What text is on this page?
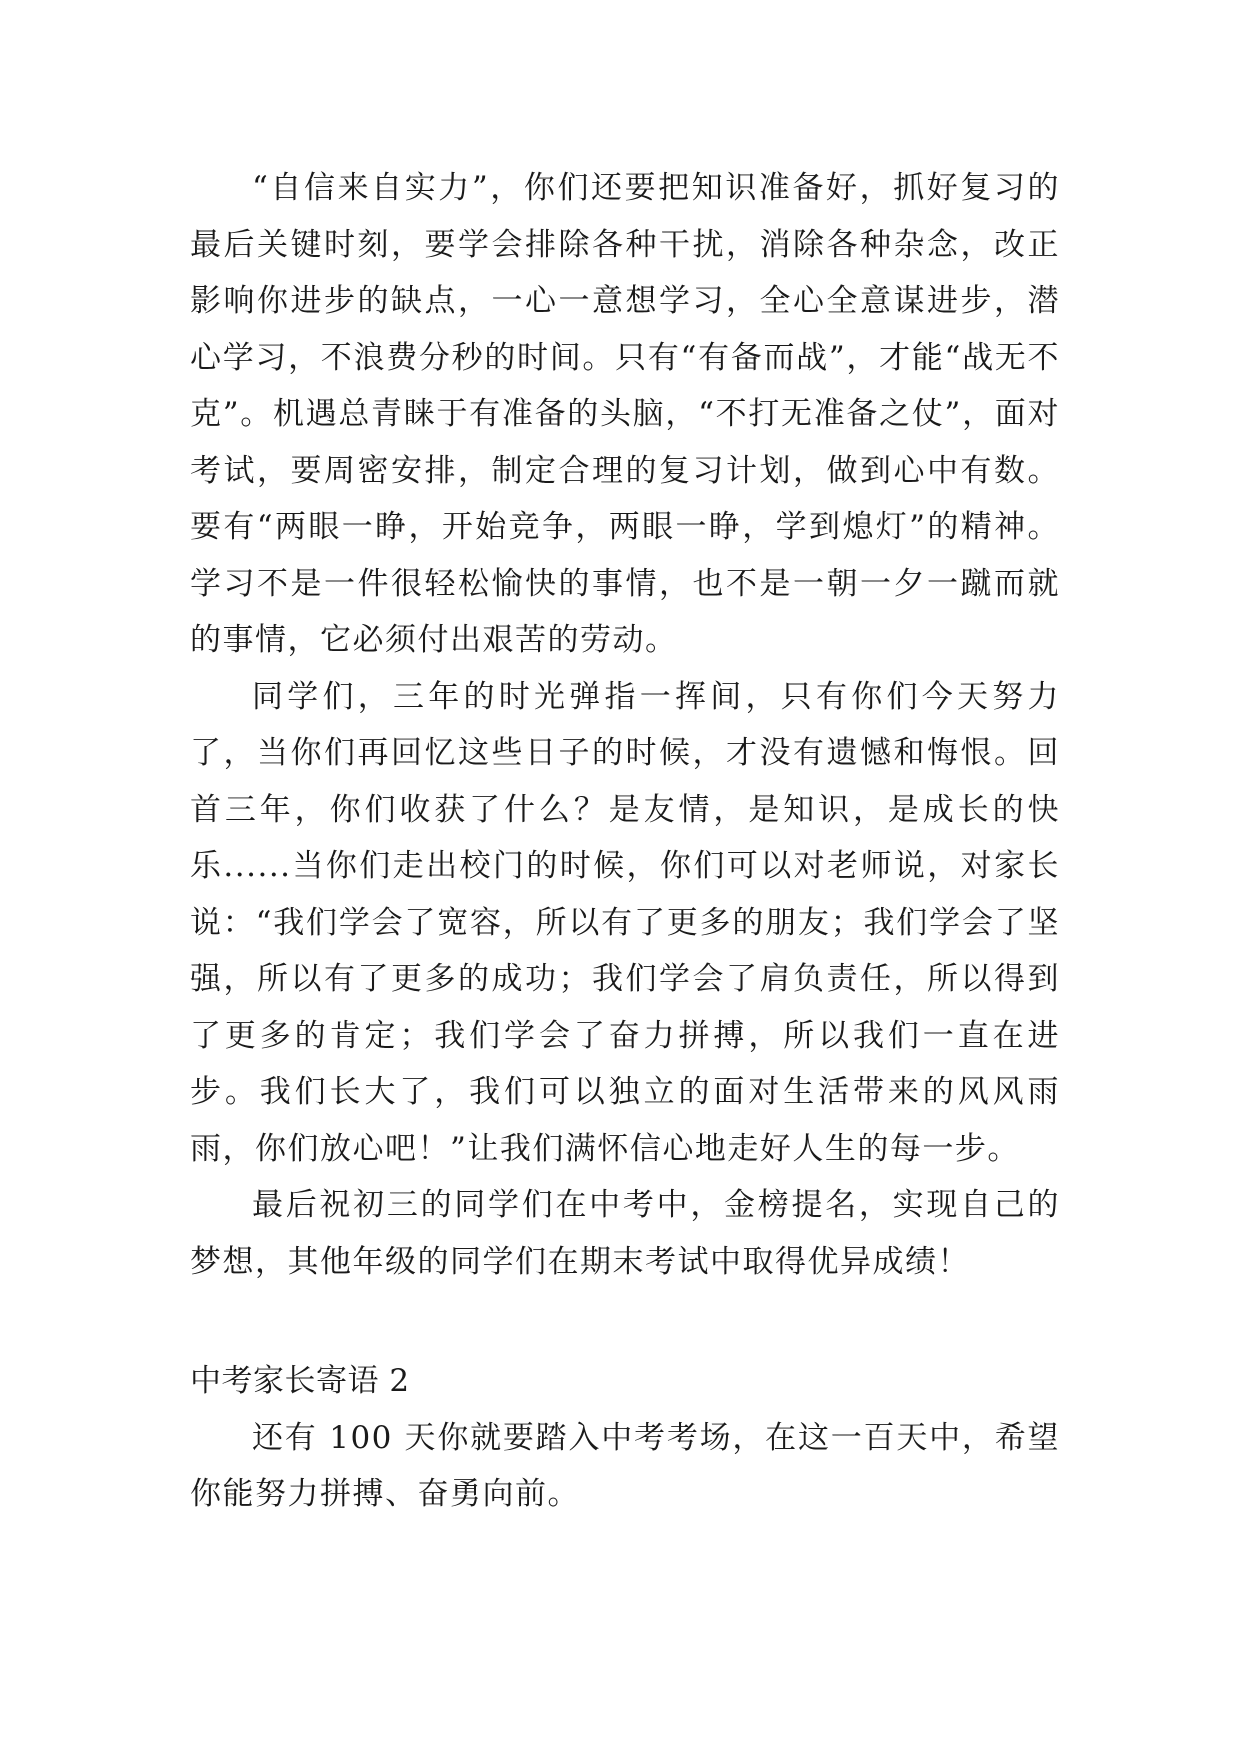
“自信来自实力”，你们还要把知识准备好，抓好复习的最后关键时刻，要学会排除各种干扰，消除各种杂念，改正影响你进步的缺点，一心一意想学习，全心全意谋进步，潜心学习，不浪费分秒的时间。只有“有备而战”，才能“战无不克”。机遇总青睐于有准备的头脑，“不打无准备之仗”，面对考试，要周密安排，制定合理的复习计划，做到心中有数。要有“两眼一睁，开始竞争，两眼一睁，学到熄灯”的精神。学习不是一件很轻松愉快的事情，也不是一朝一夕一蹴而就的事情，它必须付出艰苦的劳动。

同学们，三年的时光弹指一挥间，只有你们今天努力了，当你们再回忆这些日子的时候，才没有遗憾和悔恨。回首三年，你们收获了什么？是友情，是知识，是成长的快乐......当你们走出校门的时候，你们可以对老师说，对家长说：“我们学会了宽容，所以有了更多的朋友；我们学会了坚强，所以有了更多的成功；我们学会了肩负责任，所以得到了更多的肯定；我们学会了奋力拼搏，所以我们一直在进步。我们长大了，我们可以独立的面对生活带来的风风雨雨，你们放心吧！”让我们满怀信心地走好人生的每一步。

最后祝初三的同学们在中考中，金榜提名，实现自己的梦想，其他年级的同学们在期末考试中取得优异成绩！

中考家长寄语 2

还有 100 天你就要踏入中考考场，在这一百天中，希望你能努力拼搏、奋勇向前。
